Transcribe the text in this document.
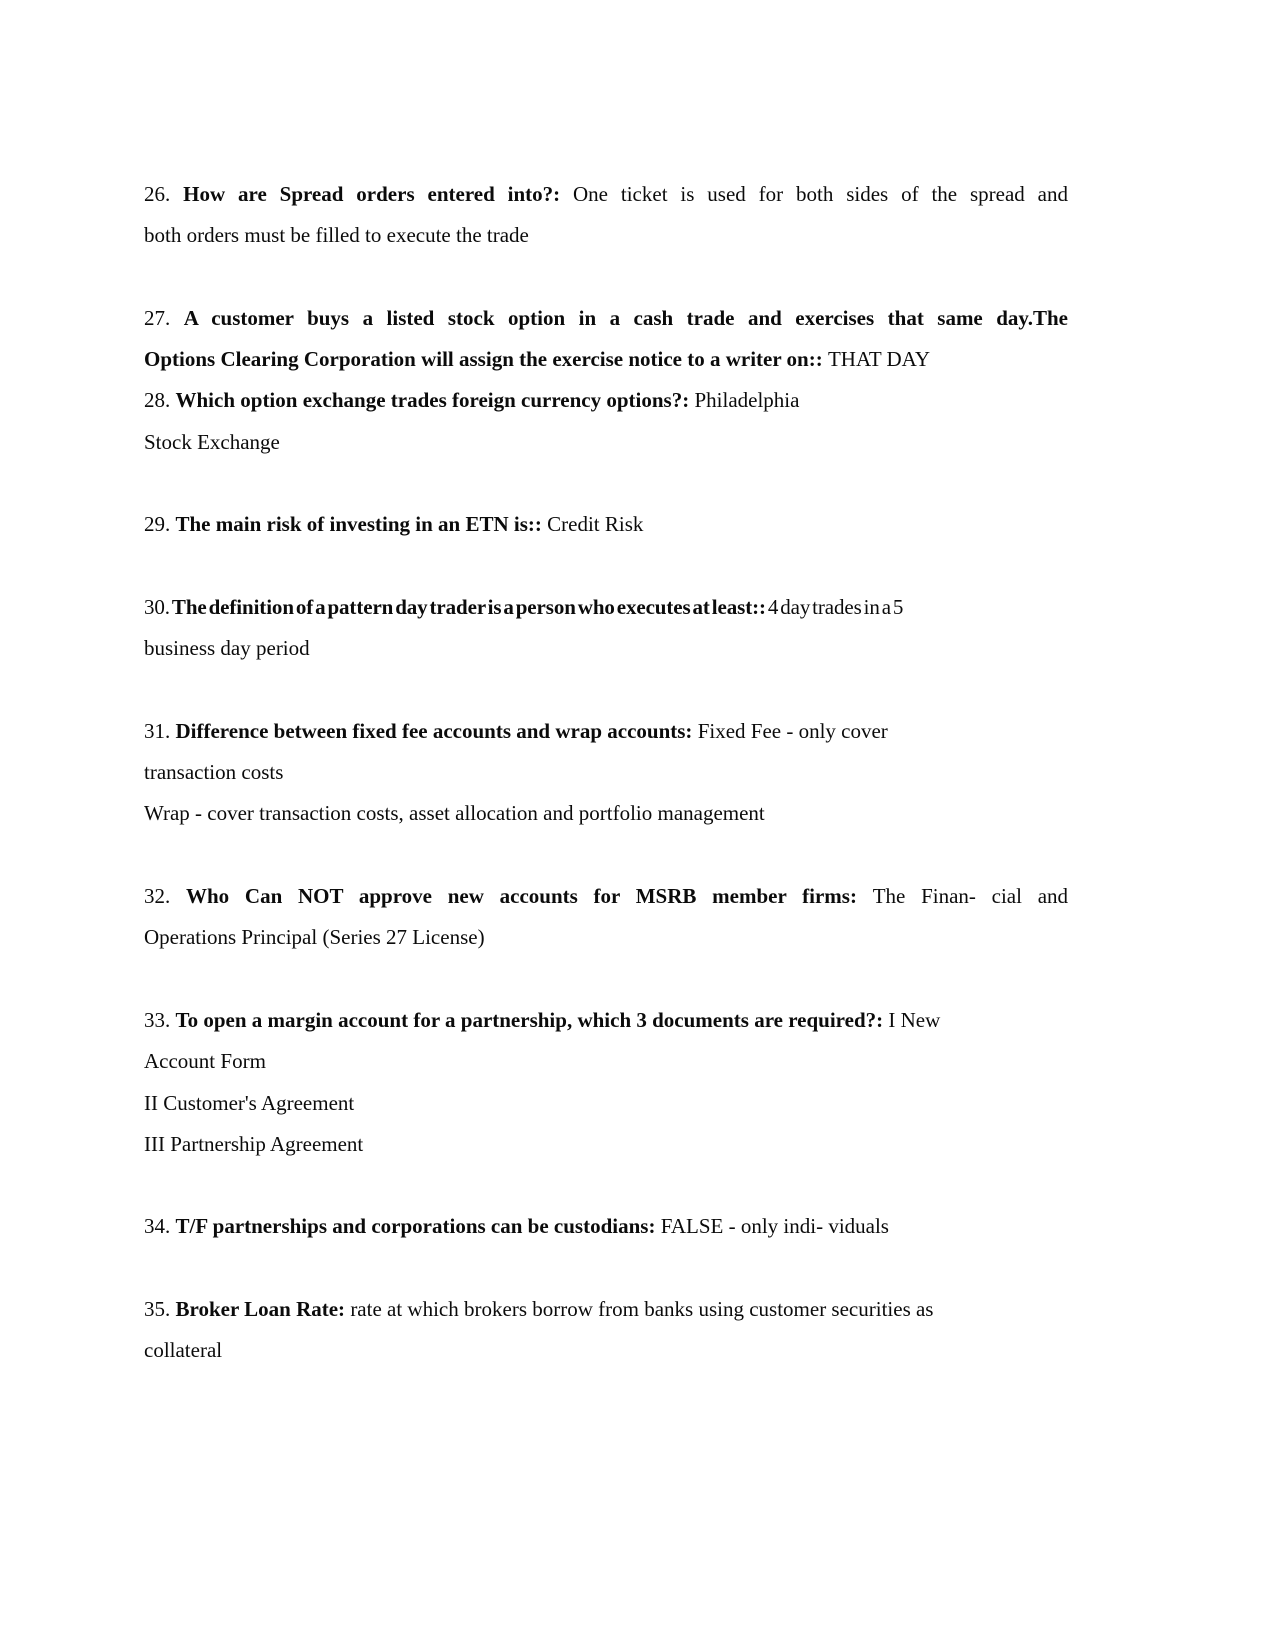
26. How are Spread orders entered into?: One ticket is used for both sides of the spread and
both orders must be filled to execute the trade
27. A customer buys a listed stock option in a cash trade and exercises that same day.The
Options Clearing Corporation will assign the exercise notice to a writer on:: THAT DAY
28. Which option exchange trades foreign currency options?: Philadelphia
Stock Exchange
29. The main risk of investing in an ETN is:: Credit Risk
30. The definition of a pattern day trader is a person who executes at least:: 4 day trades in a 5
business day period
31. Difference between fixed fee accounts and wrap accounts: Fixed Fee - only cover
transaction costs
Wrap - cover transaction costs, asset allocation and portfolio management
32. Who Can NOT approve new accounts for MSRB member firms: The Finan- cial and
Operations Principal (Series 27 License)
33. To open a margin account for a partnership, which 3 documents are required?: I New
Account Form
II Customer's Agreement
III Partnership Agreement
34. T/F partnerships and corporations can be custodians: FALSE - only indi- viduals
35. Broker Loan Rate: rate at which brokers borrow from banks using customer securities as
collateral
